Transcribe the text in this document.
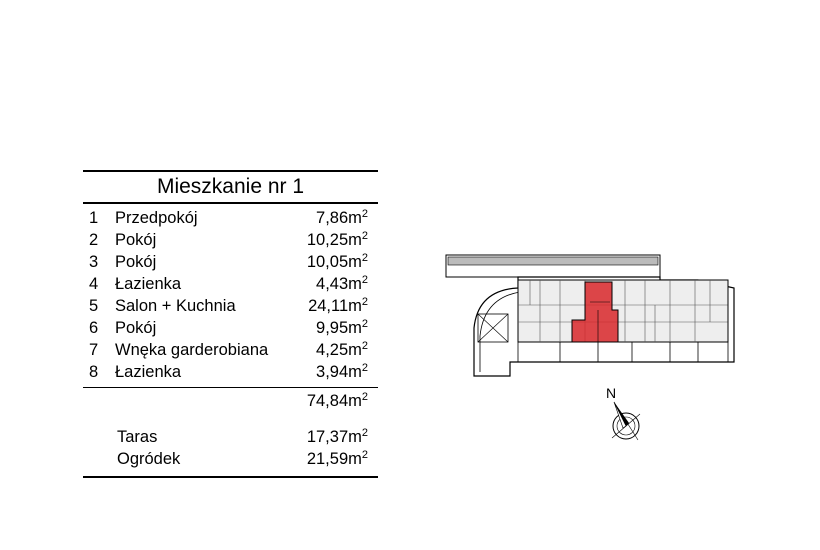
Mieszkanie nr 1
1 Przedpokój	$7,86m^2$
2 Pokój	$10,25m^2$
3 Pokój	$10,05m^2$
4 Łazienka	$4,43m^2$
5 Salon + Kuchnia	$24,11m^2$
6 Pokój	$9,95m^2$
7 Wnęka garderobiana	$4,25m^2$
8 Łazienka	$3,94m^2$
$74,84m^2$
Taras	$17,37m^2$
Ogródek	$21,59m^2$
N
